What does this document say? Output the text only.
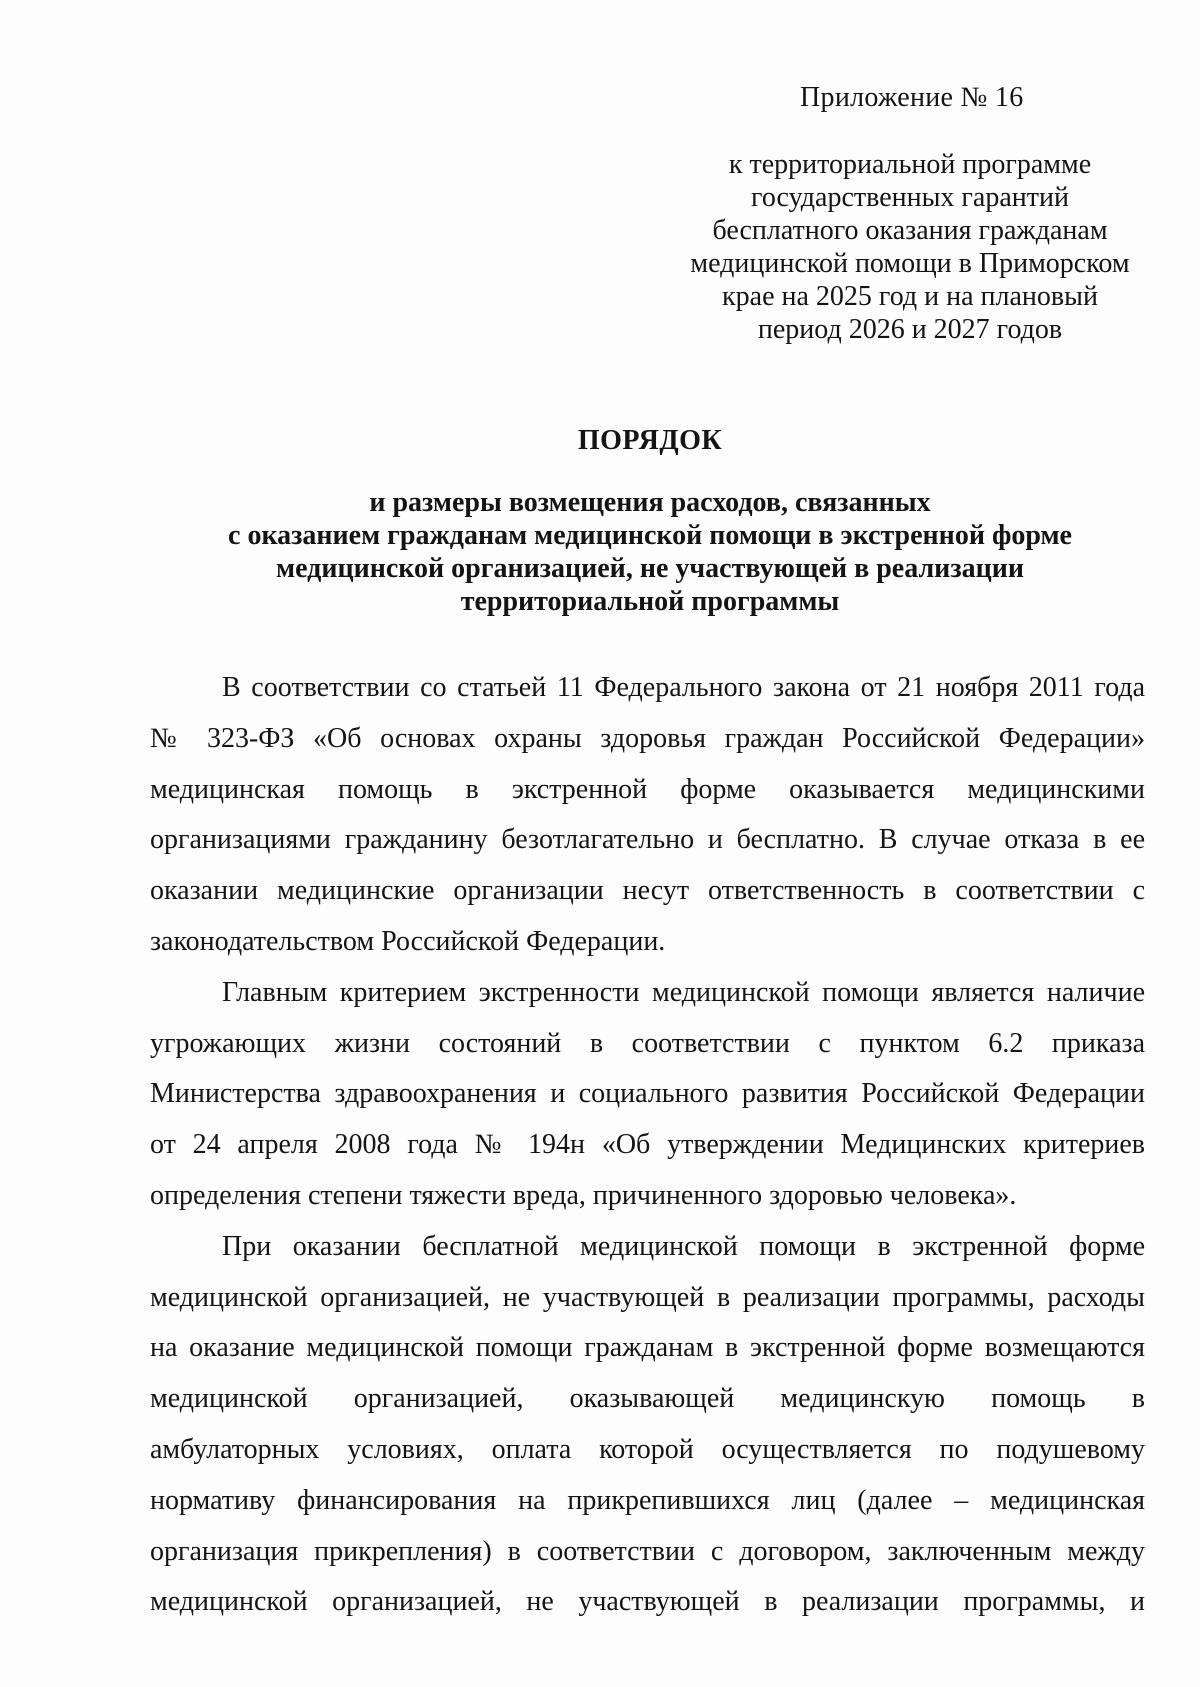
Приложение № 16

к территориальной программе
государственных гарантий
бесплатного оказания гражданам
медицинской помощи в Приморском
крае на 2025 год и на плановый
период 2026 и 2027 годов
ПОРЯДОК
и размеры возмещения расходов, связанных
с оказанием гражданам медицинской помощи в экстренной форме
медицинской организацией, не участвующей в реализации
территориальной программы
В соответствии со статьей 11 Федерального закона от 21 ноября 2011 года
№ 323-ФЗ «Об основах охраны здоровья граждан Российской Федерации»
медицинская помощь в экстренной форме оказывается медицинскими
организациями гражданину безотлагательно и бесплатно. В случае отказа в ее
оказании медицинские организации несут ответственность в соответствии с
законодательством Российской Федерации.
Главным критерием экстренности медицинской помощи является наличие
угрожающих жизни состояний в соответствии с пунктом 6.2 приказа
Министерства здравоохранения и социального развития Российской Федерации
от 24 апреля 2008 года № 194н «Об утверждении Медицинских критериев
определения степени тяжести вреда, причиненного здоровью человека».
При оказании бесплатной медицинской помощи в экстренной форме
медицинской организацией, не участвующей в реализации программы, расходы
на оказание медицинской помощи гражданам в экстренной форме возмещаются
медицинской организацией, оказывающей медицинскую помощь в
амбулаторных условиях, оплата которой осуществляется по подушевому
нормативу финансирования на прикрепившихся лиц (далее – медицинская
организация прикрепления) в соответствии с договором, заключенным между
медицинской организацией, не участвующей в реализации программы, и
